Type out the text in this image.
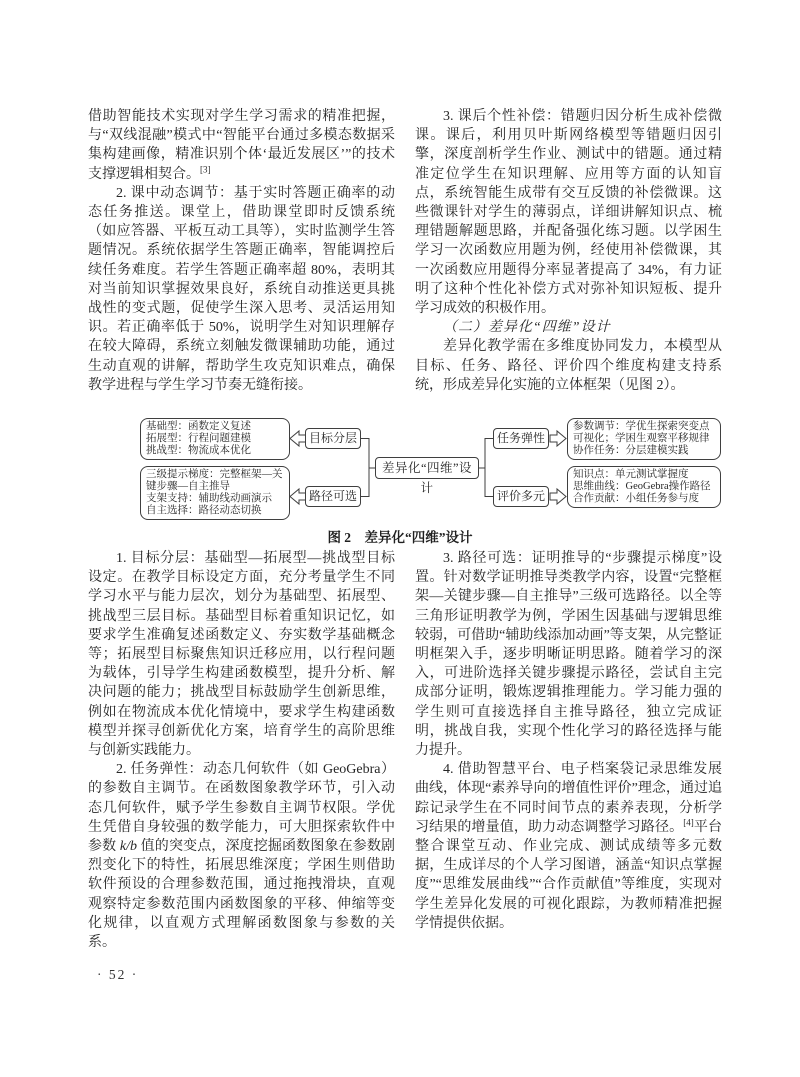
借助智能技术实现对学生学习需求的精准把握，与“双线混融”模式中“智能平台通过多模态数据采集构建画像，精准识别个体‘最近发展区’”的技术支撑逻辑相契合。[3]

2. 课中动态调节：基于实时答题正确率的动态任务推送。课堂上，借助课堂即时反馈系统（如应答器、平板互动工具等），实时监测学生答题情况。系统依据学生答题正确率，智能调控后续任务难度。若学生答题正确率超 80%，表明其对当前知识掌握效果良好，系统自动推送更具挑战性的变式题，促使学生深入思考、灵活运用知识。若正确率低于 50%，说明学生对知识理解存在较大障碍，系统立刻触发微课辅助功能，通过生动直观的讲解，帮助学生攻克知识难点，确保教学进程与学生学习节奏无缝衔接。

3. 课后个性补偿：错题归因分析生成补偿微课。课后，利用贝叶斯网络模型等错题归因引擎，深度剖析学生作业、测试中的错题。通过精准定位学生在知识理解、应用等方面的认知盲点，系统智能生成带有交互反馈的补偿微课。这些微课针对学生的薄弱点，详细讲解知识点、梳理错题解题思路，并配备强化练习题。以学困生学习一次函数应用题为例，经使用补偿微课，其一次函数应用题得分率显著提高了 34%，有力证明了这种个性化补偿方式对弥补知识短板、提升学习成效的积极作用。

（二）差异化“四维”设计

差异化教学需在多维度协同发力，本模型从目标、任务、路径、评价四个维度构建支持系统，形成差异化实施的立体框架（见图 2）。

基础型：函数定义复述
拓展型：行程问题建模
挑战型：物流成本优化
三级提示梯度：完整框架—关键步骤—自主推导
支架支持：辅助线动画演示
自主选择：路径动态切换
目标分层
路径可选
差异化“四维”设计
任务弹性
评价多元
参数调节：学优生探索突变点可视化；学困生观察平移规律
协作任务：分层建模实践
知识点：单元测试掌握度
思维曲线：GeoGebra操作路径
合作贡献：小组任务参与度
图 2　差异化“四维”设计

1. 目标分层：基础型—拓展型—挑战型目标设定。在教学目标设定方面，充分考量学生不同学习水平与能力层次，划分为基础型、拓展型、挑战型三层目标。基础型目标着重知识记忆，如要求学生准确复述函数定义、夯实数学基础概念等；拓展型目标聚焦知识迁移应用，以行程问题为载体，引导学生构建函数模型，提升分析、解决问题的能力；挑战型目标鼓励学生创新思维，例如在物流成本优化情境中，要求学生构建函数模型并探寻创新优化方案，培育学生的高阶思维与创新实践能力。

2. 任务弹性：动态几何软件（如 GeoGebra）的参数自主调节。在函数图象教学环节，引入动态几何软件，赋予学生参数自主调节权限。学优生凭借自身较强的数学能力，可大胆探索软件中参数 k/b 值的突变点，深度挖掘函数图象在参数剧烈变化下的特性，拓展思维深度；学困生则借助软件预设的合理参数范围，通过拖拽滑块，直观观察特定参数范围内函数图象的平移、伸缩等变化规律，以直观方式理解函数图象与参数的关系。

3. 路径可选：证明推导的“步骤提示梯度”设置。针对数学证明推导类教学内容，设置“完整框架—关键步骤—自主推导”三级可选路径。以全等三角形证明教学为例，学困生因基础与逻辑思维较弱，可借助“辅助线添加动画”等支架，从完整证明框架入手，逐步明晰证明思路。随着学习的深入，可进阶选择关键步骤提示路径，尝试自主完成部分证明，锻炼逻辑推理能力。学习能力强的学生则可直接选择自主推导路径，独立完成证明，挑战自我，实现个性化学习的路径选择与能力提升。

4. 借助智慧平台、电子档案袋记录思维发展曲线，体现“素养导向的增值性评价”理念，通过追踪记录学生在不同时间节点的素养表现，分析学习结果的增量值，助力动态调整学习路径。[4]平台整合课堂互动、作业完成、测试成绩等多元数据，生成详尽的个人学习图谱，涵盖“知识点掌握度”“思维发展曲线”“合作贡献值”等维度，实现对学生差异化发展的可视化跟踪，为教师精准把握学情提供依据。

· 52 ·
